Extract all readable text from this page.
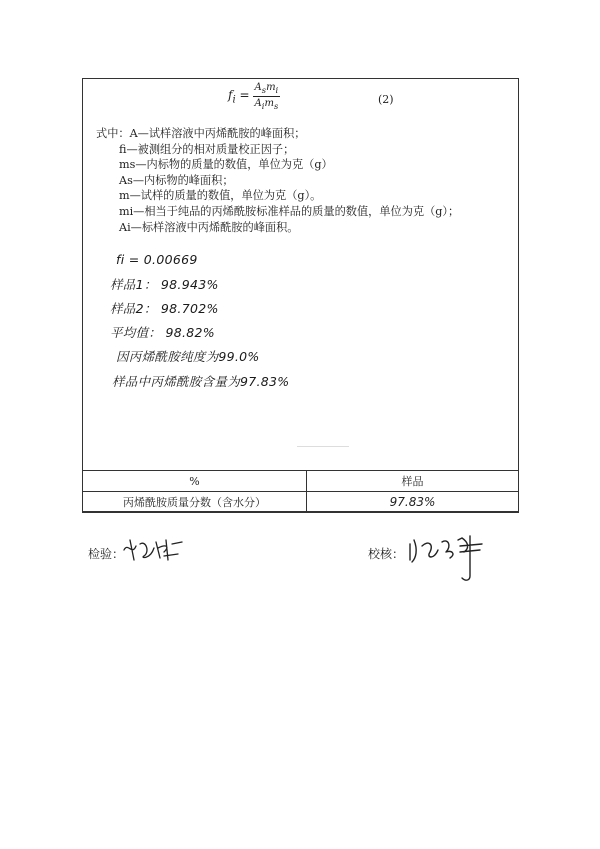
$f_i = \frac{A_sm_i}{A_im_s}$	(2)
式中：A—试样溶液中丙烯酰胺的峰面积；
fi—被测组分的相对质量校正因子；
ms—内标物的质量的数值，单位为克（g）
As—内标物的峰面积；
m—试样的质量的数值，单位为克（g）。
mi—相当于纯品的丙烯酰胺标准样品的质量的数值，单位为克（g）；
Ai—标样溶液中丙烯酰胺的峰面积。
fi = 0.00669
样品1： 98.943%
样品2： 98.702%
平均值： 98.82%
因丙烯酰胺纯度为99.0%
样品中丙烯酰胺含量为97.83%
%	样品
丙烯酰胺质量分数（含水分）	97.83%
检验：	校核：
